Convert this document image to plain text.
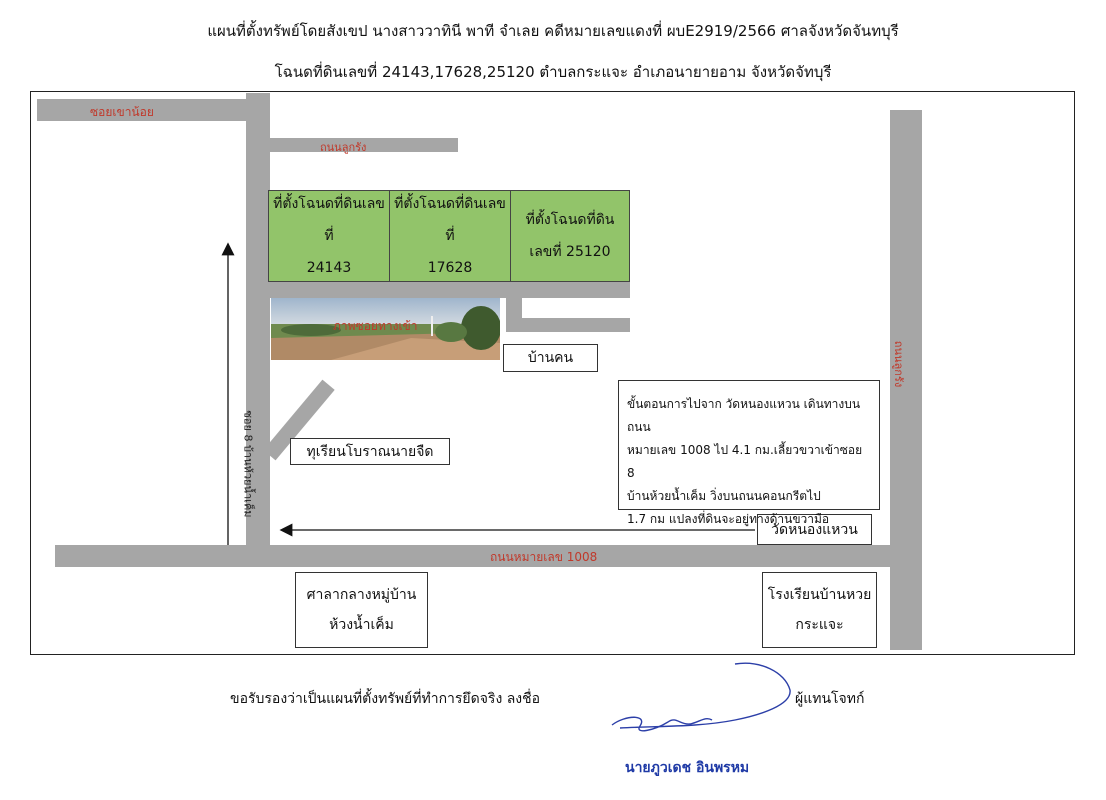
แผนที่ตั้งทรัพย์โดยสังเขป นางสาววาทินี พาที จำเลย คดีหมายเลขแดงที่ ผบE2919/2566 ศาลจังหวัดจันทบุรี
โฉนดที่ดินเลขที่ 24143,17628,25120 ตำบลกระแจะ อำเภอนายายอาม จังหวัดจัทบุรี
ซอยเขาน้อย
ถนนลูกรัง
ถนนหมายเลข 1008
ซอย 8 บ้านห้วยน้ำเค็ม
ถนนลูกรัง
ที่ตั้งโฉนดที่ดินเลขที่
24143
ที่ตั้งโฉนดที่ดินเลขที่
17628
ที่ตั้งโฉนดที่ดิน
เลขที่ 25120
ภาพซอยทางเข้า
บ้านคน
ทุเรียนโบราณนายจืด
วัดหนองแหวน
ศาลากลางหมู่บ้าน
ห้วงน้ำเค็ม
โรงเรียนบ้านหวย
กระแจะ
ขั้นตอนการไปจาก วัดหนองแหวน เดินทางบนถนน
หมายเลข 1008 ไป 4.1 กม.เลี้ยวขวาเข้าซอย 8
บ้านห้วยน้ำเค็ม วิ่งบนถนนคอนกรีตไป
1.7 กม แปลงที่ดินจะอยู่ทางด้านขวามือ
ขอรับรองว่าเป็นแผนที่ตั้งทรัพย์ที่ทำการยึดจริง ลงชื่อ	ผู้แทนโจทก์
นายภูวเดช อินพรหม
